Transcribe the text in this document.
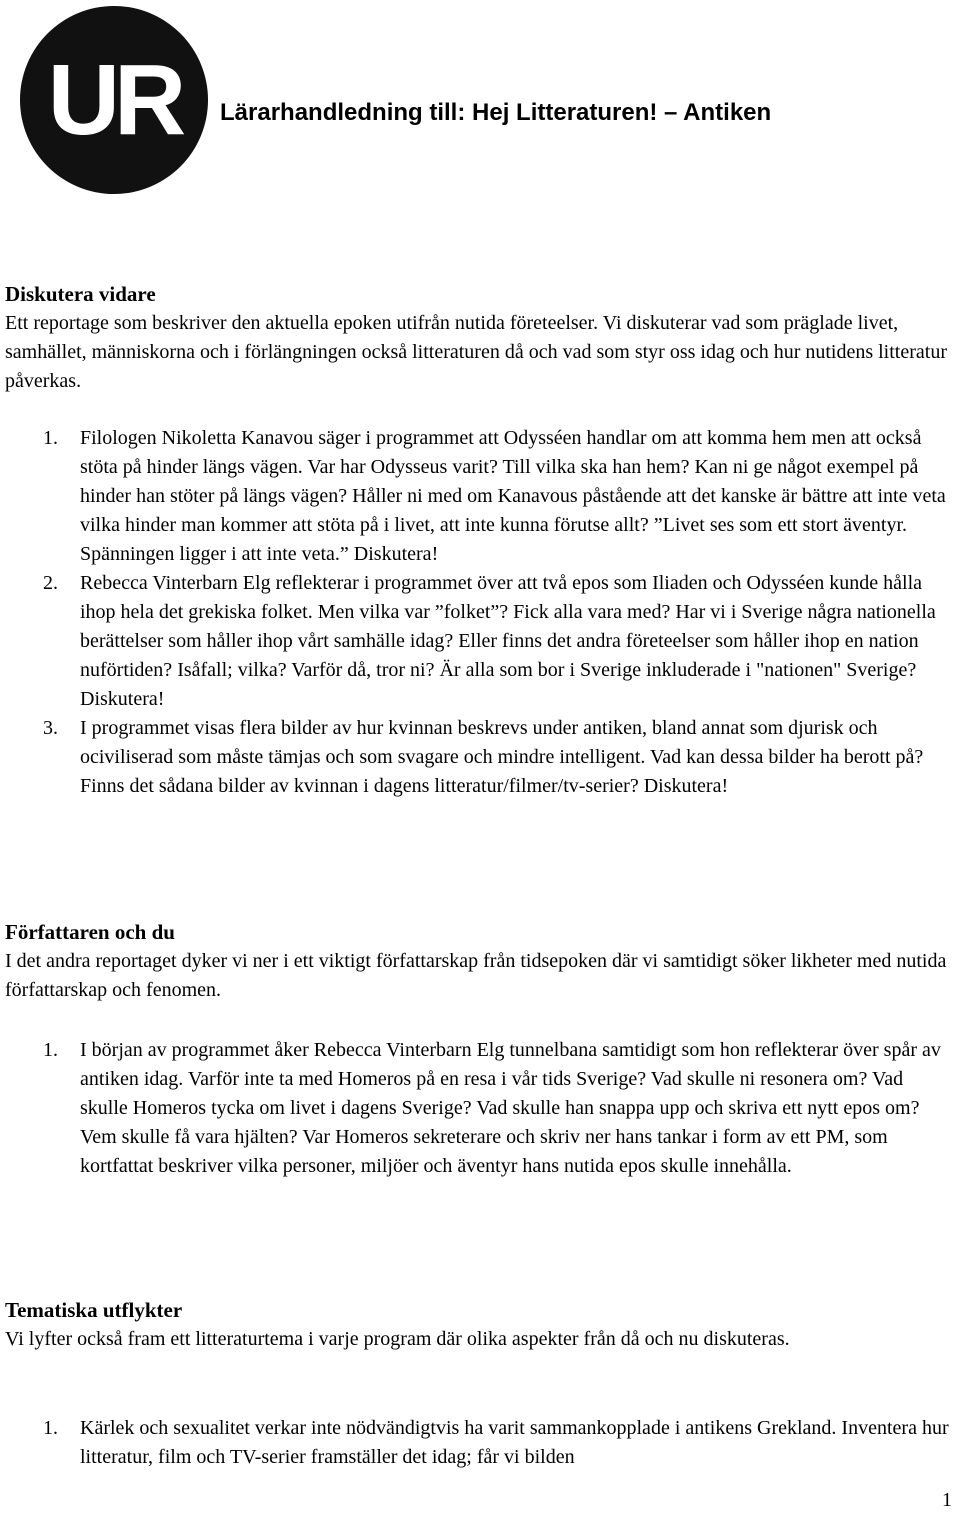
UR Lärarhandledning till: Hej Litteraturen! – Antiken

Diskutera vidare

Ett reportage som beskriver den aktuella epoken utifrån nutida företeelser. Vi diskuterar vad som präglade livet, samhället, människorna och i förlängningen också litteraturen då och vad som styr oss idag och hur nutidens litteratur påverkas.

1. Filologen Nikoletta Kanavou säger i programmet att Odysséen handlar om att komma hem men att också stöta på hinder längs vägen. Var har Odysseus varit? Till vilka ska han hem? Kan ni ge något exempel på hinder han stöter på längs vägen? Håller ni med om Kanavous påstående att det kanske är bättre att inte veta vilka hinder man kommer att stöta på i livet, att inte kunna förutse allt? ”Livet ses som ett stort äventyr. Spänningen ligger i att inte veta.” Diskutera!
2. Rebecca Vinterbarn Elg reflekterar i programmet över att två epos som Iliaden och Odysséen kunde hålla ihop hela det grekiska folket. Men vilka var ”folket”? Fick alla vara med? Har vi i Sverige några nationella berättelser som håller ihop vårt samhälle idag? Eller finns det andra företeelser som håller ihop en nation nuförtiden? Isåfall; vilka? Varför då, tror ni? Är alla som bor i Sverige inkluderade i "nationen" Sverige? Diskutera!
3. I programmet visas flera bilder av hur kvinnan beskrevs under antiken, bland annat som djurisk och ociviliserad som måste tämjas och som svagare och mindre intelligent. Vad kan dessa bilder ha berott på? Finns det sådana bilder av kvinnan i dagens litteratur/filmer/tv-serier? Diskutera!

Författaren och du

I det andra reportaget dyker vi ner i ett viktigt författarskap från tidsepoken där vi samtidigt söker likheter med nutida författarskap och fenomen.

1. I början av programmet åker Rebecca Vinterbarn Elg tunnelbana samtidigt som hon reflekterar över spår av antiken idag. Varför inte ta med Homeros på en resa i vår tids Sverige? Vad skulle ni resonera om? Vad skulle Homeros tycka om livet i dagens Sverige? Vad skulle han snappa upp och skriva ett nytt epos om? Vem skulle få vara hjälten? Var Homeros sekreterare och skriv ner hans tankar i form av ett PM, som kortfattat beskriver vilka personer, miljöer och äventyr hans nutida epos skulle innehålla.

Tematiska utflykter

Vi lyfter också fram ett litteraturtema i varje program där olika aspekter från då och nu diskuteras.

1. Kärlek och sexualitet verkar inte nödvändigtvis ha varit sammankopplade i antikens Grekland. Inventera hur litteratur, film och TV-serier framställer det idag; får vi bilden
1
